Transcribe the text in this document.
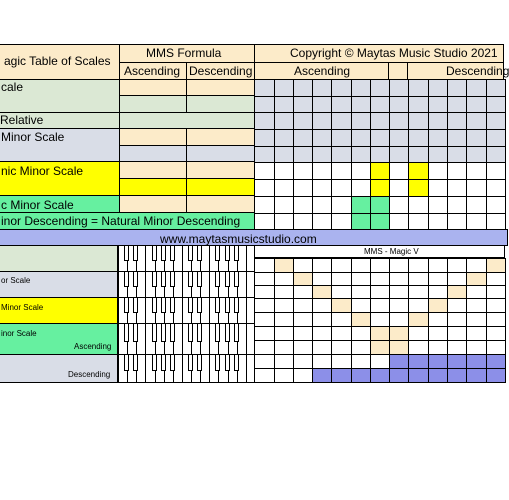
agic Table of Scales
MMS Formula
Ascending Descending
Copyright © Maytas Music Studio 2021
Ascending	Descending
cale
Relative
Minor Scale
nic Minor Scale
c Minor Scale
inor Descending = Natural Minor Descending
www.maytasmusicstudio.com
MMS - Magic V
or Scale
Minor Scale
inor Scale
Ascending
Descending
